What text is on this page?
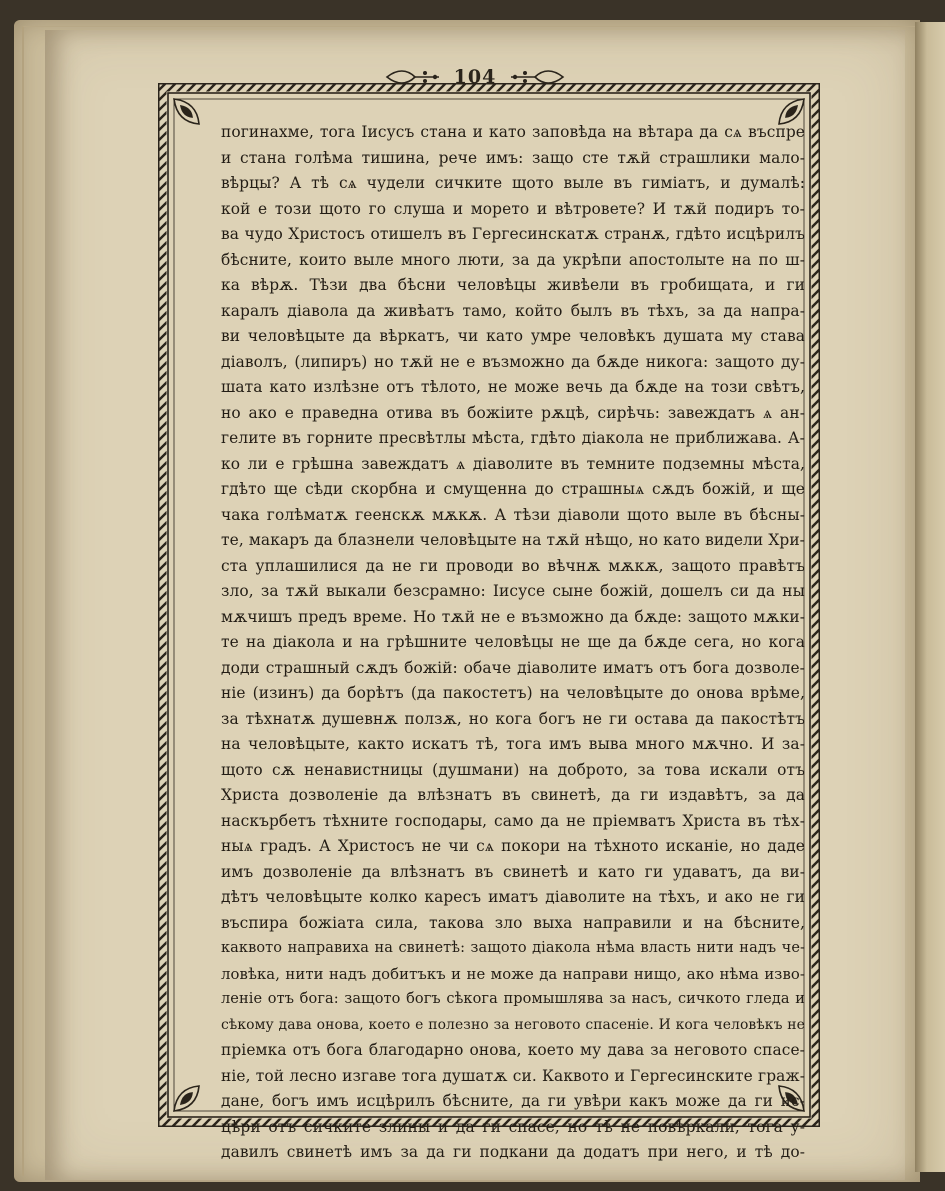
104
погинахме, тога Іисусъ стана и като заповѣда на вѣтара да сѧ въспре
и стана голѣма тишина, рече имъ: защо сте тѫй страшлики мало-
вѣрцы? А тѣ сѧ чудели сичките щото выле въ гиміатъ, и думалѣ:
кой е този щото го слуша и морето и вѣтровете? И тѫй подиръ то-
ва чудо Христосъ отишелъ въ Гергесинскатѫ странѫ, гдѣто исцѣрилъ
бѣсните, които выле много люти, за да укрѣпи апостолыте на по ш-
ка вѣрѫ. Тѣзи два бѣсни человѣцы живѣели въ гробищата, и ги
каралъ діавола да живѣатъ тамо, който былъ въ тѣхъ, за да напра-
ви человѣцыте да вѣркатъ, чи като умре человѣкъ душата му става
діаволъ, (липиръ) но тѫй не е възможно да бѫде никога: защото ду-
шата като излѣзне отъ тѣлото, не може вечь да бѫде на този свѣтъ,
но ако е праведна отива въ божіите рѫцѣ, сирѣчь: завеждатъ ѧ ан-
гелите въ горните пресвѣтлы мѣста, гдѣто діакола не приближава. А-
ко ли е грѣшна завеждатъ ѧ діаволите въ темните подземны мѣста,
гдѣто ще сѣди скорбна и смущенна до страшныѧ сѫдъ божій, и ще
чака голѣматѫ геенскѫ мѫкѫ. А тѣзи діаволи щото выле въ бѣсны-
те, макаръ да блазнели человѣцыте на тѫй нѣщо, но като видели Хри-
ста уплашилися да не ги проводи во вѣчнѫ мѫкѫ, защото правѣтъ
зло, за тѫй выкали безсрамно: Іисусе сыне божій, дошелъ си да ны
мѫчишъ предъ време. Но тѫй не е възможно да бѫде: защото мѫки-
те на діакола и на грѣшните человѣцы не ще да бѫде сега, но кога
доди страшный сѫдъ божій: обаче діаволите иматъ отъ бога дозволе-
ніе (изинъ) да борѣтъ (да пакостетъ) на человѣцыте до онова врѣме,
за тѣхнатѫ душевнѫ ползѫ, но кога богъ не ги остава да пакостѣтъ
на человѣцыте, както искатъ тѣ, тога имъ выва много мѫчно. И за-
щото сѫ ненавистницы (душмани) на доброто, за това искали отъ
Христа дозволеніе да влѣзнатъ въ свинетѣ, да ги издавѣтъ, за да
наскърбетъ тѣхните господары, само да не пріемватъ Христа въ тѣх-
ныѧ градъ. А Христосъ не чи сѧ покори на тѣхното исканіе, но даде
имъ дозволеніе да влѣзнатъ въ свинетѣ и като ги удаватъ, да ви-
дѣтъ человѣцыте колко каресъ иматъ діаволите на тѣхъ, и ако не ги
въспира божіата сила, такова зло выха направили и на бѣсните,
каквото направиха на свинетѣ: защото діакола нѣма власть нити надъ че-
ловѣка, нити надъ добитъкъ и не може да направи нищо, ако нѣма изво-
леніе отъ бога: защото богъ сѣкога промышлява за насъ, сичкото гледа и
сѣкому дава онова, което е полезно за неговото спасеніе. И кога человѣкъ не
пріемка отъ бога благодарно онова, което му дава за неговото спасе-
ніе, той лесно изгаве тога душатѫ си. Каквото и Гергесинските граж-
дане, богъ имъ исцѣрилъ бѣсните, да ги увѣри какъ може да ги ис-
цѣри отъ сичките злины и да ги спасе, но тѣ не повѣркали, тога у-
давилъ свинетѣ имъ за да ги подкани да додатъ при него, и тѣ до-
